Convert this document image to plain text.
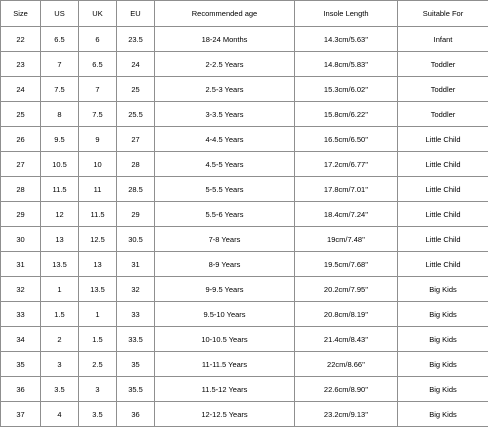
Size	US	UK	EU	Recommended age	Insole Length	Suitable For
22	6.5	6	23.5	18-24 Months	14.3cm/5.63''	Infant
23	7	6.5	24	2-2.5 Years	14.8cm/5.83''	Toddler
24	7.5	7	25	2.5-3 Years	15.3cm/6.02''	Toddler
25	8	7.5	25.5	3-3.5 Years	15.8cm/6.22''	Toddler
26	9.5	9	27	4-4.5 Years	16.5cm/6.50''	Little Child
27	10.5	10	28	4.5-5 Years	17.2cm/6.77''	Little Child
28	11.5	11	28.5	5-5.5 Years	17.8cm/7.01''	Little Child
29	12	11.5	29	5.5-6 Years	18.4cm/7.24''	Little Child
30	13	12.5	30.5	7-8 Years	19cm/7.48''	Little Child
31	13.5	13	31	8-9 Years	19.5cm/7.68''	Little Child
32	1	13.5	32	9-9.5 Years	20.2cm/7.95''	Big Kids
33	1.5	1	33	9.5-10 Years	20.8cm/8.19''	Big Kids
34	2	1.5	33.5	10-10.5 Years	21.4cm/8.43''	Big Kids
35	3	2.5	35	11-11.5 Years	22cm/8.66''	Big Kids
36	3.5	3	35.5	11.5-12 Years	22.6cm/8.90''	Big Kids
37	4	3.5	36	12-12.5 Years	23.2cm/9.13''	Big Kids
